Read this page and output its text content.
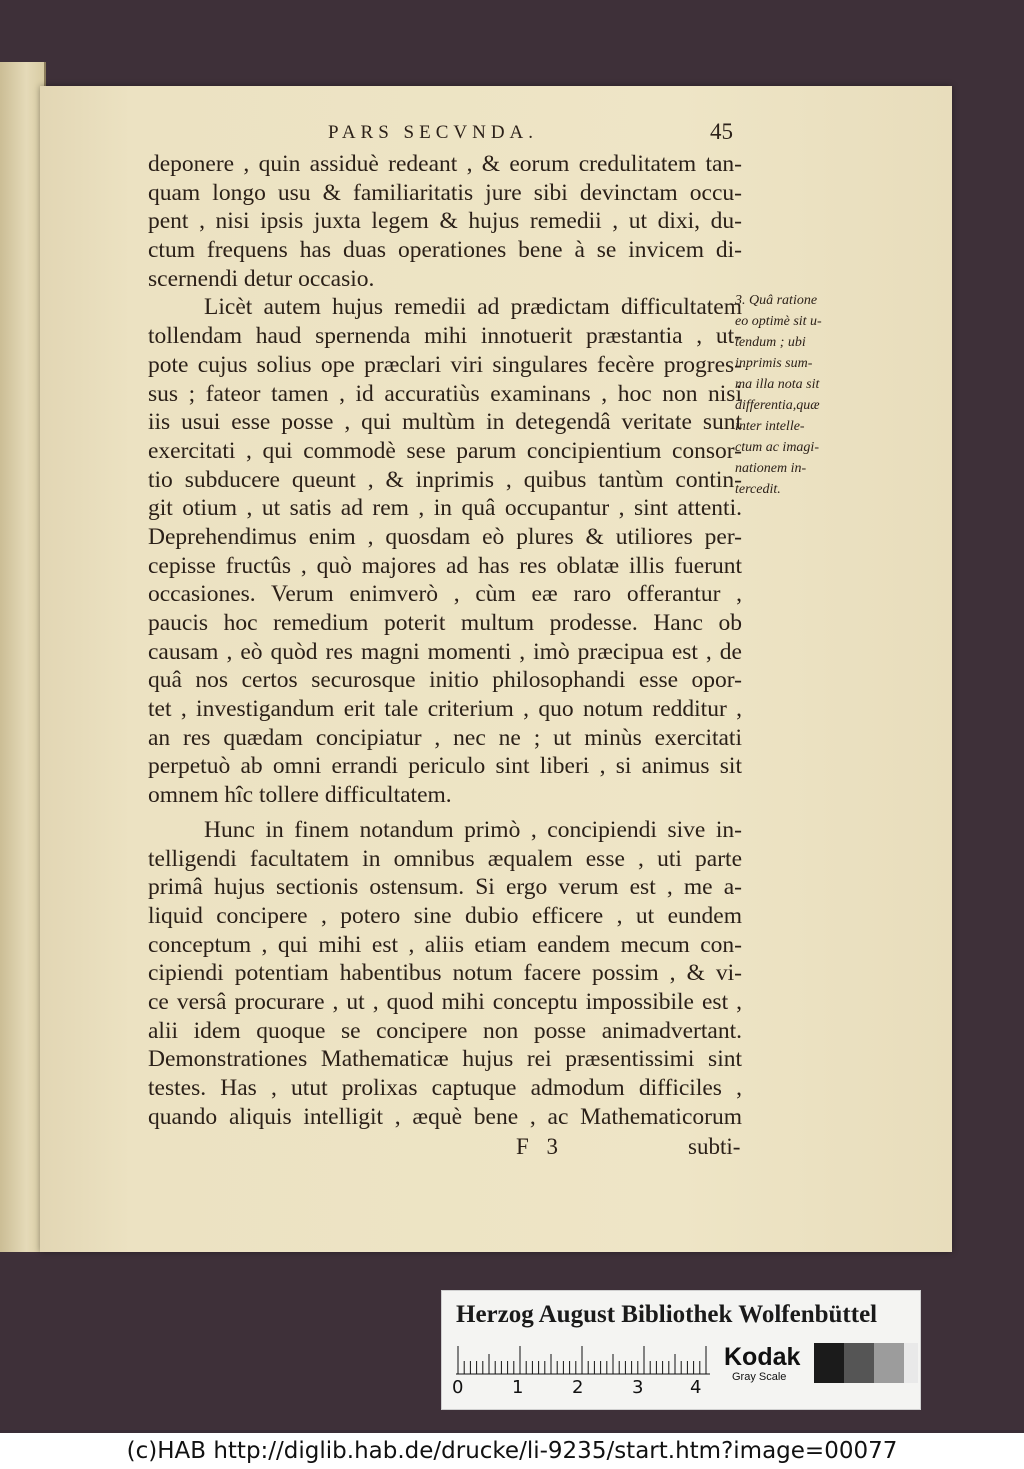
PARS SECVNDA.	45
deponere , quin assiduè redeant , & eorum credulitatem tan-
quam longo usu & familiaritatis jure sibi devinctam occu-
pent , nisi ipsis juxta legem & hujus remedii , ut dixi, du-
ctum frequens has duas operationes bene à se invicem di-
scernendi detur occasio.
Licèt autem hujus remedii ad prædictam difficultatem
tollendam haud spernenda mihi innotuerit præstantia , ut-
pote cujus solius ope præclari viri singulares fecère progres-
sus ; fateor tamen , id accuratiùs examinans , hoc non nisi
iis usui esse posse , qui multùm in detegendâ veritate sunt
exercitati , qui commodè sese parum concipientium consor-
tio subducere queunt , & inprimis , quibus tantùm contin-
git otium , ut satis ad rem , in quâ occupantur , sint attenti.
Deprehendimus enim , quosdam eò plures & utiliores per-
cepisse fructûs , quò majores ad has res oblatæ illis fuerunt
occasiones. Verum enimverò , cùm eæ raro offerantur ,
paucis hoc remedium poterit multum prodesse. Hanc ob
causam , eò quòd res magni momenti , imò præcipua est , de
quâ nos certos securosque initio philosophandi esse opor-
tet , investigandum erit tale criterium , quo notum redditur ,
an res quædam concipiatur , nec ne ; ut minùs exercitati
perpetuò ab omni errandi periculo sint liberi , si animus sit
omnem hîc tollere difficultatem.
Hunc in finem notandum primò , concipiendi sive in-
telligendi facultatem in omnibus æqualem esse , uti parte
primâ hujus sectionis ostensum. Si ergo verum est , me a-
liquid concipere , potero sine dubio efficere , ut eundem
conceptum , qui mihi est , aliis etiam eandem mecum con-
cipiendi potentiam habentibus notum facere possim , & vi-
ce versâ procurare , ut , quod mihi conceptu impossibile est ,
alii idem quoque se concipere non posse animadvertant.
Demonstrationes Mathematicæ hujus rei præsentissimi sint
testes. Has , utut prolixas captuque admodum difficiles ,
quando aliquis intelligit , æquè bene , ac Mathematicorum
3. Quâ ratione
eo optimè sit u-
tendum ; ubi
inprimis sum-
ma illa nota sit
differentia,quæ
inter intelle-
ctum ac imagi-
nationem in-
tercedit.
F 3	subti-
Herzog August Bibliothek Wolfenbüttel
0	1	2	3	4
Kodak
Gray Scale
(c)HAB http://diglib.hab.de/drucke/li-9235/start.htm?image=00077
